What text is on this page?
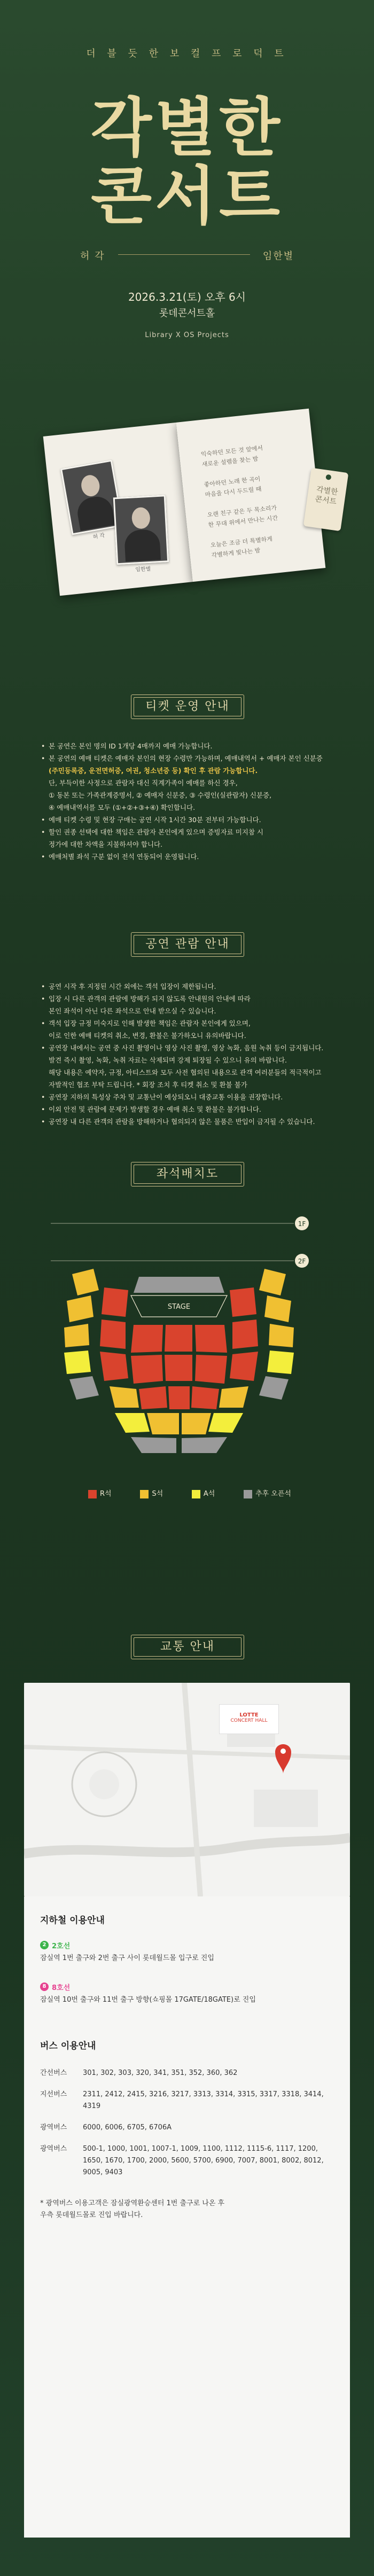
더 블 듯 한 보 컬 프 로 덕 트
각별한
콘서트
허 각	임한별
2026.3.21(토) 오후 6시
롯데콘서트홀
Library X OS Projects
허 각
임한별
익숙하던 모든 것 앞에서
새로운 설렘을 찾는 밤

좋아하던 노래 한 곡이
마음을 다시 두드릴 때

오랜 친구 같은 두 목소리가
한 무대 위에서 만나는 시간

오늘은 조금 더 특별하게
각별하게 빛나는 밤
각별한
콘서트
티켓 운영 안내
• 본 공연은 본인 명의 ID 1개당 4매까지 예매 가능합니다.
• 본 공연의 예매 티켓은 예매자 본인의 현장 수령만 가능하며, 예매내역서 + 예매자 본인 신분증
(주민등록증, 운전면허증, 여권, 청소년증 등) 확인 후 관람 가능합니다.
단, 부득이한 사정으로 관람자 대신 직계가족이 예매를 하신 경우,
① 동본 또는 가족관계증명서, ② 예매자 신분증, ③ 수령인(실관람자) 신분증,
④ 예매내역서를 모두 (①+②+③+④) 확인합니다.
• 예매 티켓 수령 및 현장 구매는 공연 시작 1시간 30분 전부터 가능합니다.
• 할인 권종 선택에 대한 책임은 관람자 본인에게 있으며 증빙자료 미지참 시
정가에 대한 차액을 지불하셔야 합니다.
• 예매처별 좌석 구분 없이 전석 연동되어 운영됩니다.
공연 관람 안내
• 공연 시작 후 지정된 시간 외에는 객석 입장이 제한됩니다.
• 입장 시 다른 관객의 관람에 방해가 되지 않도록 안내원의 안내에 따라
본인 좌석이 아닌 다른 좌석으로 안내 받으실 수 있습니다.
• 객석 입장 규정 미숙지로 인해 발생한 책임은 관람자 본인에게 있으며,
이로 인한 예매 티켓의 취소, 변경, 환불은 불가하오니 유의바랍니다.
• 공연장 내에서는 공연 중 사진 촬영이나 영상 사진 촬영, 영상 녹화, 음원 녹취 등이 금지됩니다.
발견 즉시 촬영, 녹화, 녹취 자료는 삭제되며 강제 퇴장될 수 있으니 유의 바랍니다.
해당 내용은 예약자, 규정, 아티스트와 모두 사전 협의된 내용으로 관객 여러분들의 적극적이고
자발적인 협조 부탁 드립니다. * 회장 조치 후 티켓 취소 및 환불 불가
• 공연장 지하의 특성상 주차 및 교통난이 예상되오니 대중교통 이용을 권장합니다.
• 이외 안전 및 관람에 문제가 발생할 경우 예매 취소 및 환불은 불가합니다.
• 공연장 내 다른 관객의 관람을 방해하거나 협의되지 않은 물품은 반입이 금지될 수 있습니다.
좌석배치도
1F
2F
STAGE
R석	S석	A석	추후 오픈석
교통 안내
LOTTE
CONCERT HALL
지하철 이용안내
2 2호선
잠실역 1번 출구와 2번 출구 사이 롯데월드몰 입구로 진입
8 8호선
잠실역 10번 출구와 11번 출구 방향(쇼핑몰 17GATE/18GATE)로 진입
버스 이용안내
간선버스	301, 302, 303, 320, 341, 351, 352, 360, 362
지선버스	2311, 2412, 2415, 3216, 3217, 3313, 3314, 3315, 3317, 3318, 3414, 4319
광역버스	6000, 6006, 6705, 6706A
광역버스	500-1, 1000, 1001, 1007-1, 1009, 1100, 1112, 1115-6, 1117, 1200, 1650, 1670, 1700, 2000, 5600, 5700, 6900, 7007, 8001, 8002, 8012, 9005, 9403
* 광역버스 이용고객은 잠실광역환승센터 1번 출구로 나온 후
우측 롯데월드몰로 진입 바랍니다.
